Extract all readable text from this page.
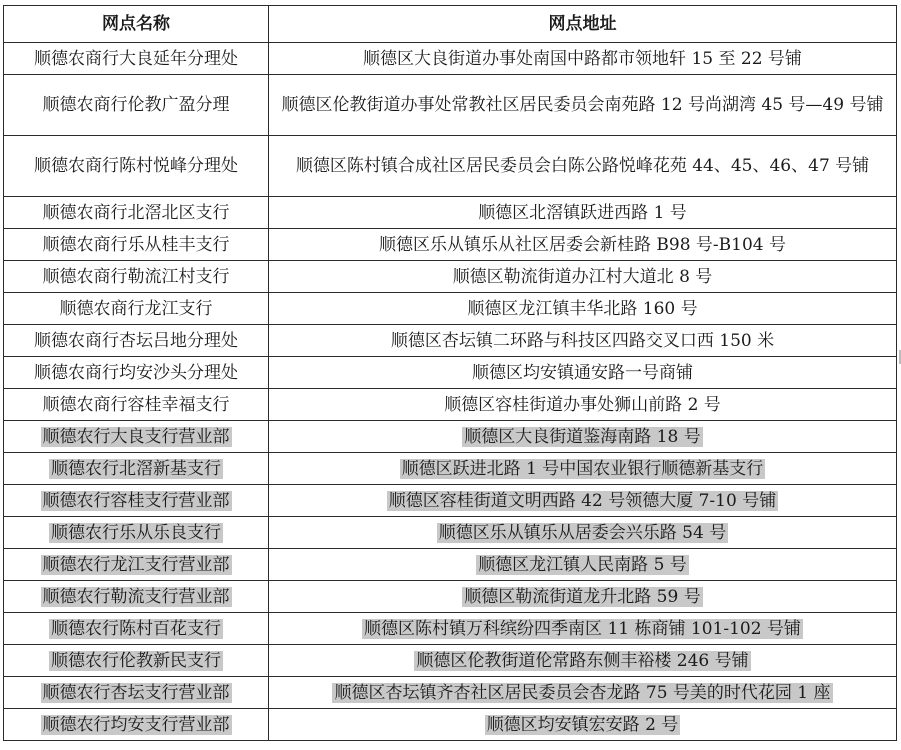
网点名称	网点地址
顺德农商行大良延年分理处	顺德区大良街道办事处南国中路都市领地轩 15 至 22 号铺
顺德农商行伦教广盈分理	顺德区伦教街道办事处常教社区居民委员会南苑路 12 号尚湖湾 45 号—49 号铺
顺德农商行陈村悦峰分理处	顺德区陈村镇合成社区居民委员会白陈公路悦峰花苑 44、45、46、47 号铺
顺德农商行北滘北区支行	顺德区北滘镇跃进西路 1 号
顺德农商行乐从桂丰支行	顺德区乐从镇乐从社区居委会新桂路 B98 号-B104 号
顺德农商行勒流江村支行	顺德区勒流街道办江村大道北 8 号
顺德农商行龙江支行	顺德区龙江镇丰华北路 160 号
顺德农商行杏坛吕地分理处	顺德区杏坛镇二环路与科技区四路交叉口西 150 米
顺德农商行均安沙头分理处	顺德区均安镇通安路一号商铺
顺德农商行容桂幸福支行	顺德区容桂街道办事处狮山前路 2 号
顺德农行大良支行营业部	顺德区大良街道鉴海南路 18 号
顺德农行北滘新基支行	顺德区跃进北路 1 号中国农业银行顺德新基支行
顺德农行容桂支行营业部	顺德区容桂街道文明西路 42 号领德大厦 7-10 号铺
顺德农行乐从乐良支行	顺德区乐从镇乐从居委会兴乐路 54 号
顺德农行龙江支行营业部	顺德区龙江镇人民南路 5 号
顺德农行勒流支行营业部	顺德区勒流街道龙升北路 59 号
顺德农行陈村百花支行	顺德区陈村镇万科缤纷四季南区 11 栋商铺 101-102 号铺
顺德农行伦教新民支行	顺德区伦教街道伦常路东侧丰裕楼 246 号铺
顺德农行杏坛支行营业部	顺德区杏坛镇齐杏社区居民委员会杏龙路 75 号美的时代花园 1 座
顺德农行均安支行营业部	顺德区均安镇宏安路 2 号
